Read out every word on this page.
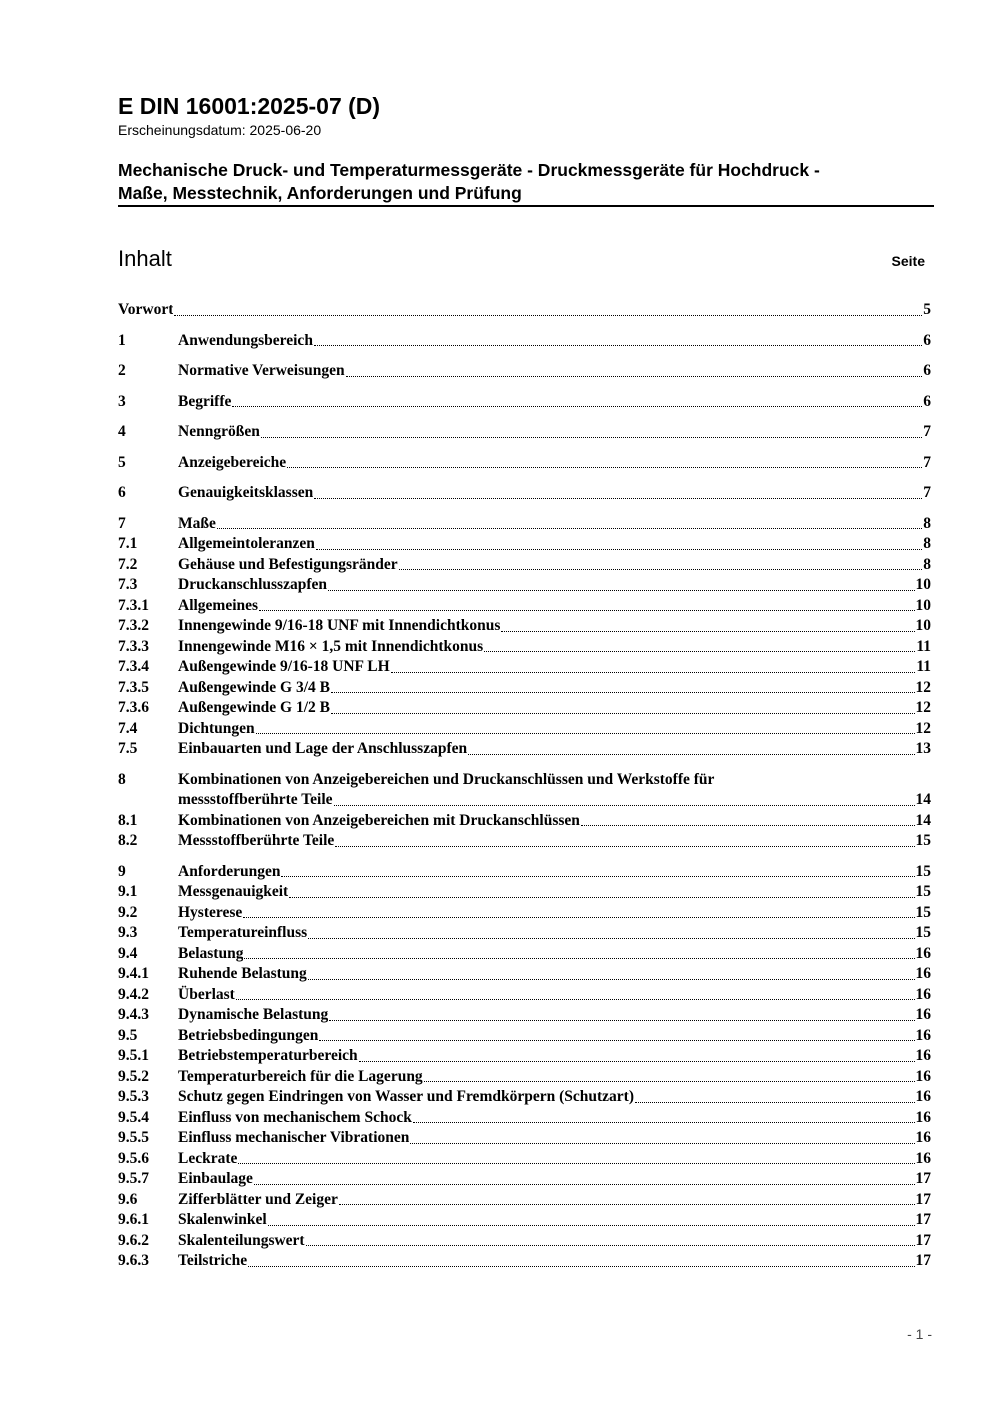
E DIN 16001:2025-07 (D)
Erscheinungsdatum: 2025-06-20
Mechanische Druck- und Temperaturmessgeräte - Druckmessgeräte für Hochdruck -
Maße, Messtechnik, Anforderungen und Prüfung
Inhalt	Seite
Vorwort	5
1	Anwendungsbereich	6
2	Normative Verweisungen	6
3	Begriffe	6
4	Nenngrößen	7
5	Anzeigebereiche	7
6	Genauigkeitsklassen	7
7	Maße	8
7.1	Allgemeintoleranzen	8
7.2	Gehäuse und Befestigungsränder	8
7.3	Druckanschlusszapfen	10
7.3.1	Allgemeines	10
7.3.2	Innengewinde 9/16-18 UNF mit Innendichtkonus	10
7.3.3	Innengewinde M16 × 1,5 mit Innendichtkonus	11
7.3.4	Außengewinde 9/16-18 UNF LH	11
7.3.5	Außengewinde G 3/4 B	12
7.3.6	Außengewinde G 1/2 B	12
7.4	Dichtungen	12
7.5	Einbauarten und Lage der Anschlusszapfen	13
8	Kombinationen von Anzeigebereichen und Druckanschlüssen und Werkstoffe für
messstoffberührte Teile	14
8.1	Kombinationen von Anzeigebereichen mit Druckanschlüssen	14
8.2	Messstoffberührte Teile	15
9	Anforderungen	15
9.1	Messgenauigkeit	15
9.2	Hysterese	15
9.3	Temperatureinfluss	15
9.4	Belastung	16
9.4.1	Ruhende Belastung	16
9.4.2	Überlast	16
9.4.3	Dynamische Belastung	16
9.5	Betriebsbedingungen	16
9.5.1	Betriebstemperaturbereich	16
9.5.2	Temperaturbereich für die Lagerung	16
9.5.3	Schutz gegen Eindringen von Wasser und Fremdkörpern (Schutzart)	16
9.5.4	Einfluss von mechanischem Schock	16
9.5.5	Einfluss mechanischer Vibrationen	16
9.5.6	Leckrate	16
9.5.7	Einbaulage	17
9.6	Zifferblätter und Zeiger	17
9.6.1	Skalenwinkel	17
9.6.2	Skalenteilungswert	17
9.6.3	Teilstriche	17
- 1 -
